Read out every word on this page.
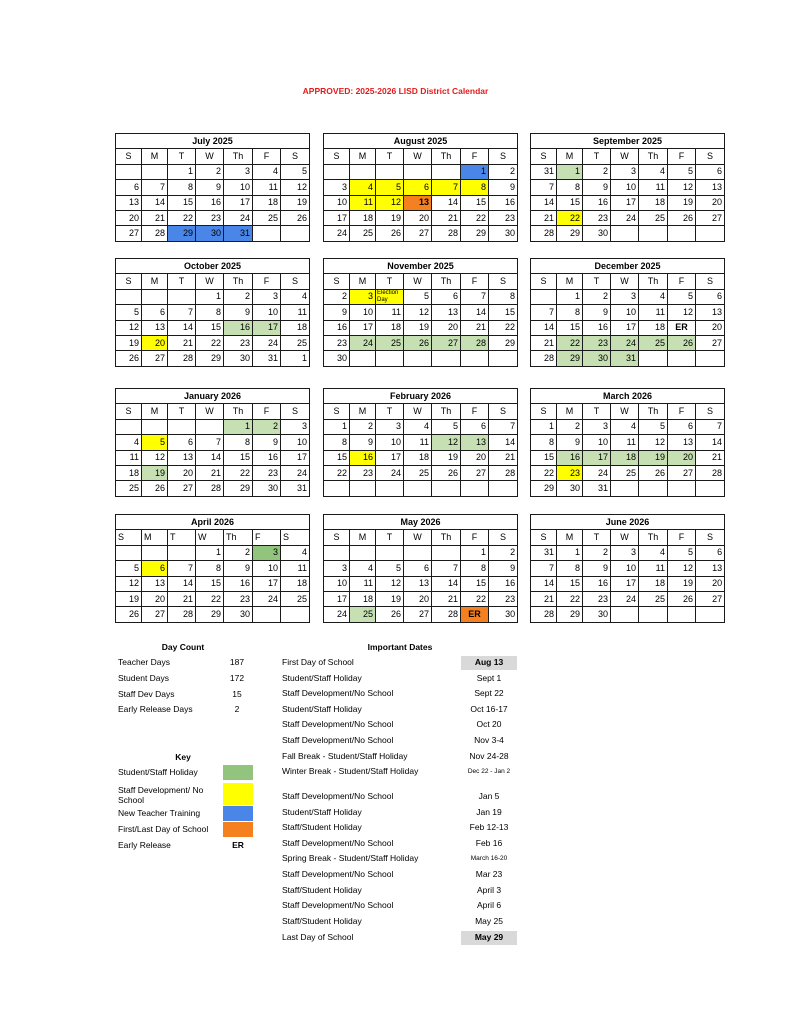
APPROVED: 2025-2026 LISD District Calendar
July 2025						
S	M	T	W	Th	F	S
		1	2	3	4	5
6	7	8	9	10	11	12
13	14	15	16	17	18	19
20	21	22	23	24	25	26
27	28	29	30	31		
August 2025						
S	M	T	W	Th	F	S
					1	2
3	4	5	6	7	8	9
10	11	12	13	14	15	16
17	18	19	20	21	22	23
24	25	26	27	28	29	30
September 2025						
S	M	T	W	Th	F	S
31	1	2	3	4	5	6
7	8	9	10	11	12	13
14	15	16	17	18	19	20
21	22	23	24	25	26	27
28	29	30				
October 2025						
S	M	T	W	Th	F	S
			1	2	3	4
5	6	7	8	9	10	11
12	13	14	15	16	17	18
19	20	21	22	23	24	25
26	27	28	29	30	31	1
November 2025						
S	M	T	W	Th	F	S
2	3	Election Day	5	6	7	8
9	10	11	12	13	14	15
16	17	18	19	20	21	22
23	24	25	26	27	28	29
30						
December 2025						
S	M	T	W	Th	F	S
	1	2	3	4	5	6
7	8	9	10	11	12	13
14	15	16	17	18	ER	20
21	22	23	24	25	26	27
28	29	30	31			
January 2026						
S	M	T	W	Th	F	S
				1	2	3
4	5	6	7	8	9	10
11	12	13	14	15	16	17
18	19	20	21	22	23	24
25	26	27	28	29	30	31
February 2026						
S	M	T	W	Th	F	S
1	2	3	4	5	6	7
8	9	10	11	12	13	14
15	16	17	18	19	20	21
22	23	24	25	26	27	28

March 2026						
S	M	T	W	Th	F	S
1	2	3	4	5	6	7
8	9	10	11	12	13	14
15	16	17	18	19	20	21
22	23	24	25	26	27	28
29	30	31				
April 2026						
S	M	T	W	Th	F	S
			1	2	3	4
5	6	7	8	9	10	11
12	13	14	15	16	17	18
19	20	21	22	23	24	25
26	27	28	29	30		
May 2026						
S	M	T	W	Th	F	S
					1	2
3	4	5	6	7	8	9
10	11	12	13	14	15	16
17	18	19	20	21	22	23
24	25	26	27	28	ER	30
June 2026						
S	M	T	W	Th	F	S
31	1	2	3	4	5	6
7	8	9	10	11	12	13
14	15	16	17	18	19	20
21	22	23	24	25	26	27
28	29	30				
Day Count
Teacher Days	187
Student Days	172
Staff Dev Days	15
Early Release Days	2
Key
Student/Staff Holiday
Staff Development/ No School
New Teacher Training
First/Last Day of School
Early Release	ER
Important Dates
First Day of School	Aug 13
Student/Staff Holiday	Sept 1
Staff Development/No School	Sept 22
Student/Staff Holiday	Oct 16-17
Staff Development/No School	Oct 20
Staff Development/No School	Nov 3-4
Fall Break - Student/Staff Holiday	Nov 24-28
Winter Break - Student/Staff Holiday	Dec 22 - Jan 2
Staff Development/No School	Jan 5
Student/Staff Holiday	Jan 19
Staff/Student Holiday	Feb 12-13
Staff Development/No School	Feb 16
Spring Break - Student/Staff Holiday	March 16-20
Staff Development/No School	Mar 23
Staff/Student Holiday	April 3
Staff Development/No School	April 6
Staff/Student Holiday	May 25
Last Day of School	May 29
